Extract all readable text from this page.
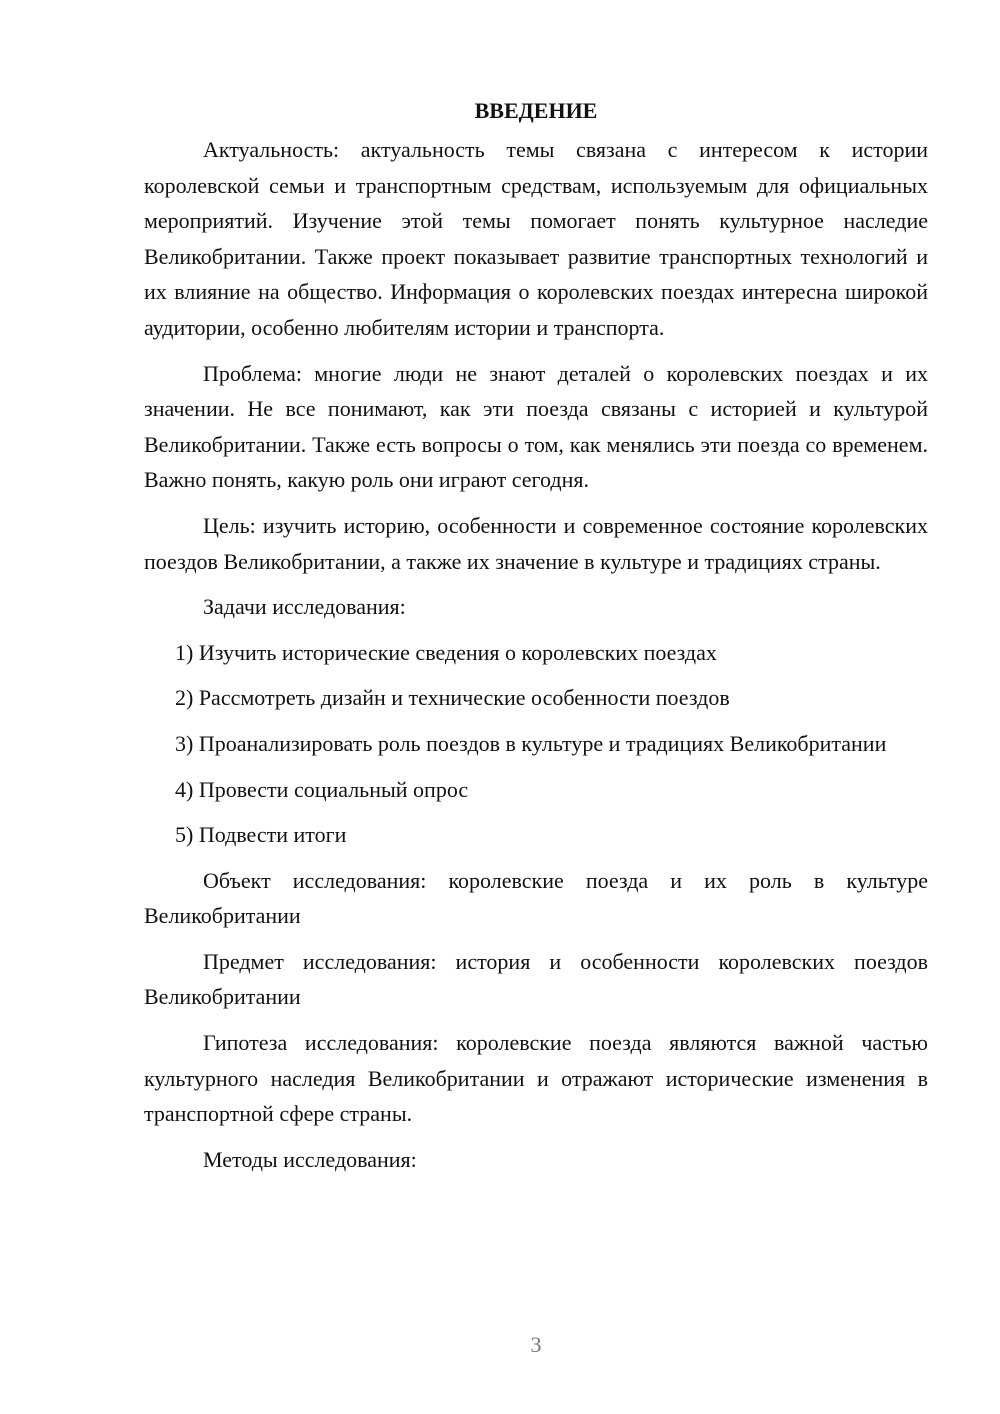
ВВЕДЕНИЕ

Актуальность: актуальность темы связана с интересом к истории королевской семьи и транспортным средствам, используемым для официальных мероприятий. Изучение этой темы помогает понять культурное наследие Великобритании. Также проект показывает развитие транспортных технологий и их влияние на общество. Информация о королевских поездах интересна широкой аудитории, особенно любителям истории и транспорта.

Проблема: многие люди не знают деталей о королевских поездах и их значении. Не все понимают, как эти поезда связаны с историей и культурой Великобритании. Также есть вопросы о том, как менялись эти поезда со временем. Важно понять, какую роль они играют сегодня.

Цель: изучить историю, особенности и современное состояние королевских поездов Великобритании, а также их значение в культуре и традициях страны.

Задачи исследования:

1) Изучить исторические сведения о королевских поездах

2) Рассмотреть дизайн и технические особенности поездов

3) Проанализировать роль поездов в культуре и традициях Великобритании

4) Провести социальный опрос

5) Подвести итоги

Объект исследования: королевские поезда и их роль в культуре Великобритании

Предмет исследования: история и особенности королевских поездов Великобритании

Гипотеза исследования: королевские поезда являются важной частью культурного наследия Великобритании и отражают исторические изменения в транспортной сфере страны.

Методы исследования:

3
